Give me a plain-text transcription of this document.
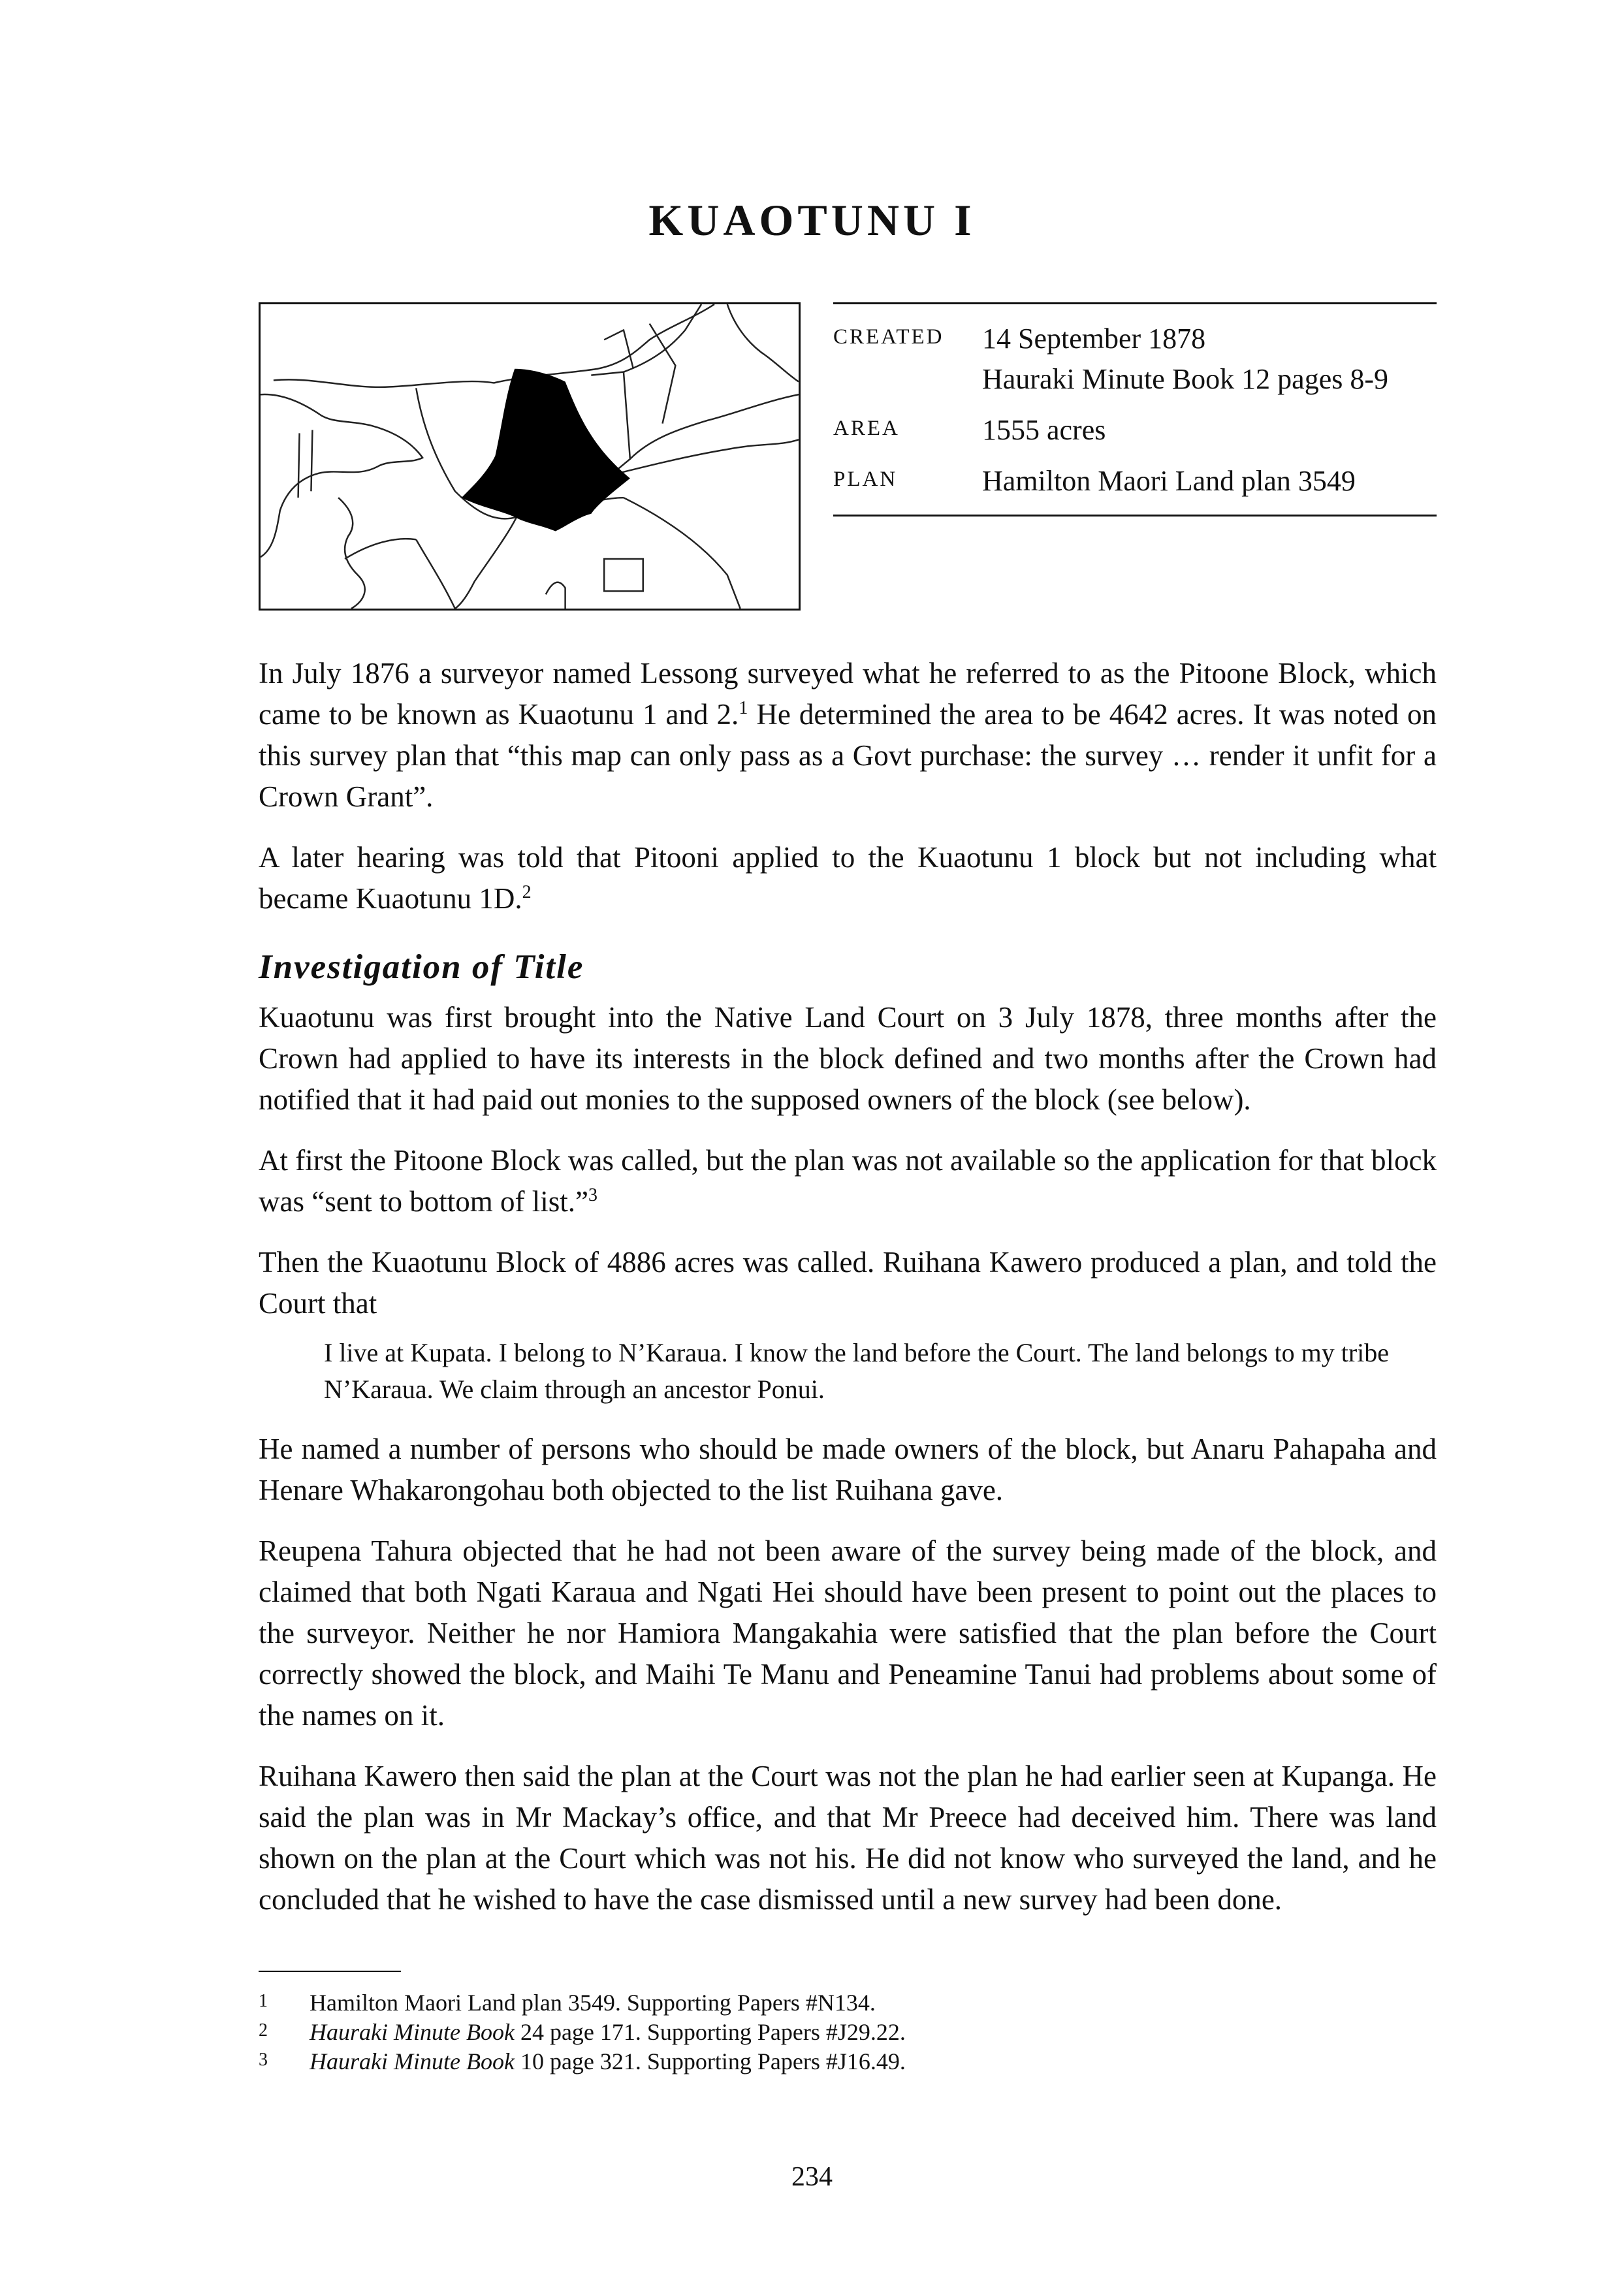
KUAOTUNU I
CREATED	14 September 1878
Hauraki Minute Book 12 pages 8-9
AREA	1555 acres
PLAN	Hamilton Maori Land plan 3549

In July 1876 a surveyor named Lessong surveyed what he referred to as the Pitoone Block, which came to be known as Kuaotunu 1 and 2.$^1$ He determined the area to be 4642 acres. It was noted on this survey plan that “this map can only pass as a Govt purchase: the survey … render it unfit for a Crown Grant”.

A later hearing was told that Pitooni applied to the Kuaotunu 1 block but not including what became Kuaotunu 1D.$^2$

Investigation of Title

Kuaotunu was first brought into the Native Land Court on 3 July 1878, three months after the Crown had applied to have its interests in the block defined and two months after the Crown had notified that it had paid out monies to the supposed owners of the block (see below).

At first the Pitoone Block was called, but the plan was not available so the application for that block was “sent to bottom of list.”$^3$

Then the Kuaotunu Block of 4886 acres was called. Ruihana Kawero produced a plan, and told the Court that

I live at Kupata. I belong to N’Karaua. I know the land before the Court. The land belongs to my tribe N’Karaua. We claim through an ancestor Ponui.

He named a number of persons who should be made owners of the block, but Anaru Pahapaha and Henare Whakarongohau both objected to the list Ruihana gave.

Reupena Tahura objected that he had not been aware of the survey being made of the block, and claimed that both Ngati Karaua and Ngati Hei should have been present to point out the places to the surveyor. Neither he nor Hamiora Mangakahia were satisfied that the plan before the Court correctly showed the block, and Maihi Te Manu and Peneamine Tanui had problems about some of the names on it.

Ruihana Kawero then said the plan at the Court was not the plan he had earlier seen at Kupanga. He said the plan was in Mr Mackay’s office, and that Mr Preece had deceived him. There was land shown on the plan at the Court which was not his. He did not know who surveyed the land, and he concluded that he wished to have the case dismissed until a new survey had been done.

1	Hamilton Maori Land plan 3549. Supporting Papers #N134.
2	Hauraki Minute Book 24 page 171. Supporting Papers #J29.22.
3	Hauraki Minute Book 10 page 321. Supporting Papers #J16.49.
234
